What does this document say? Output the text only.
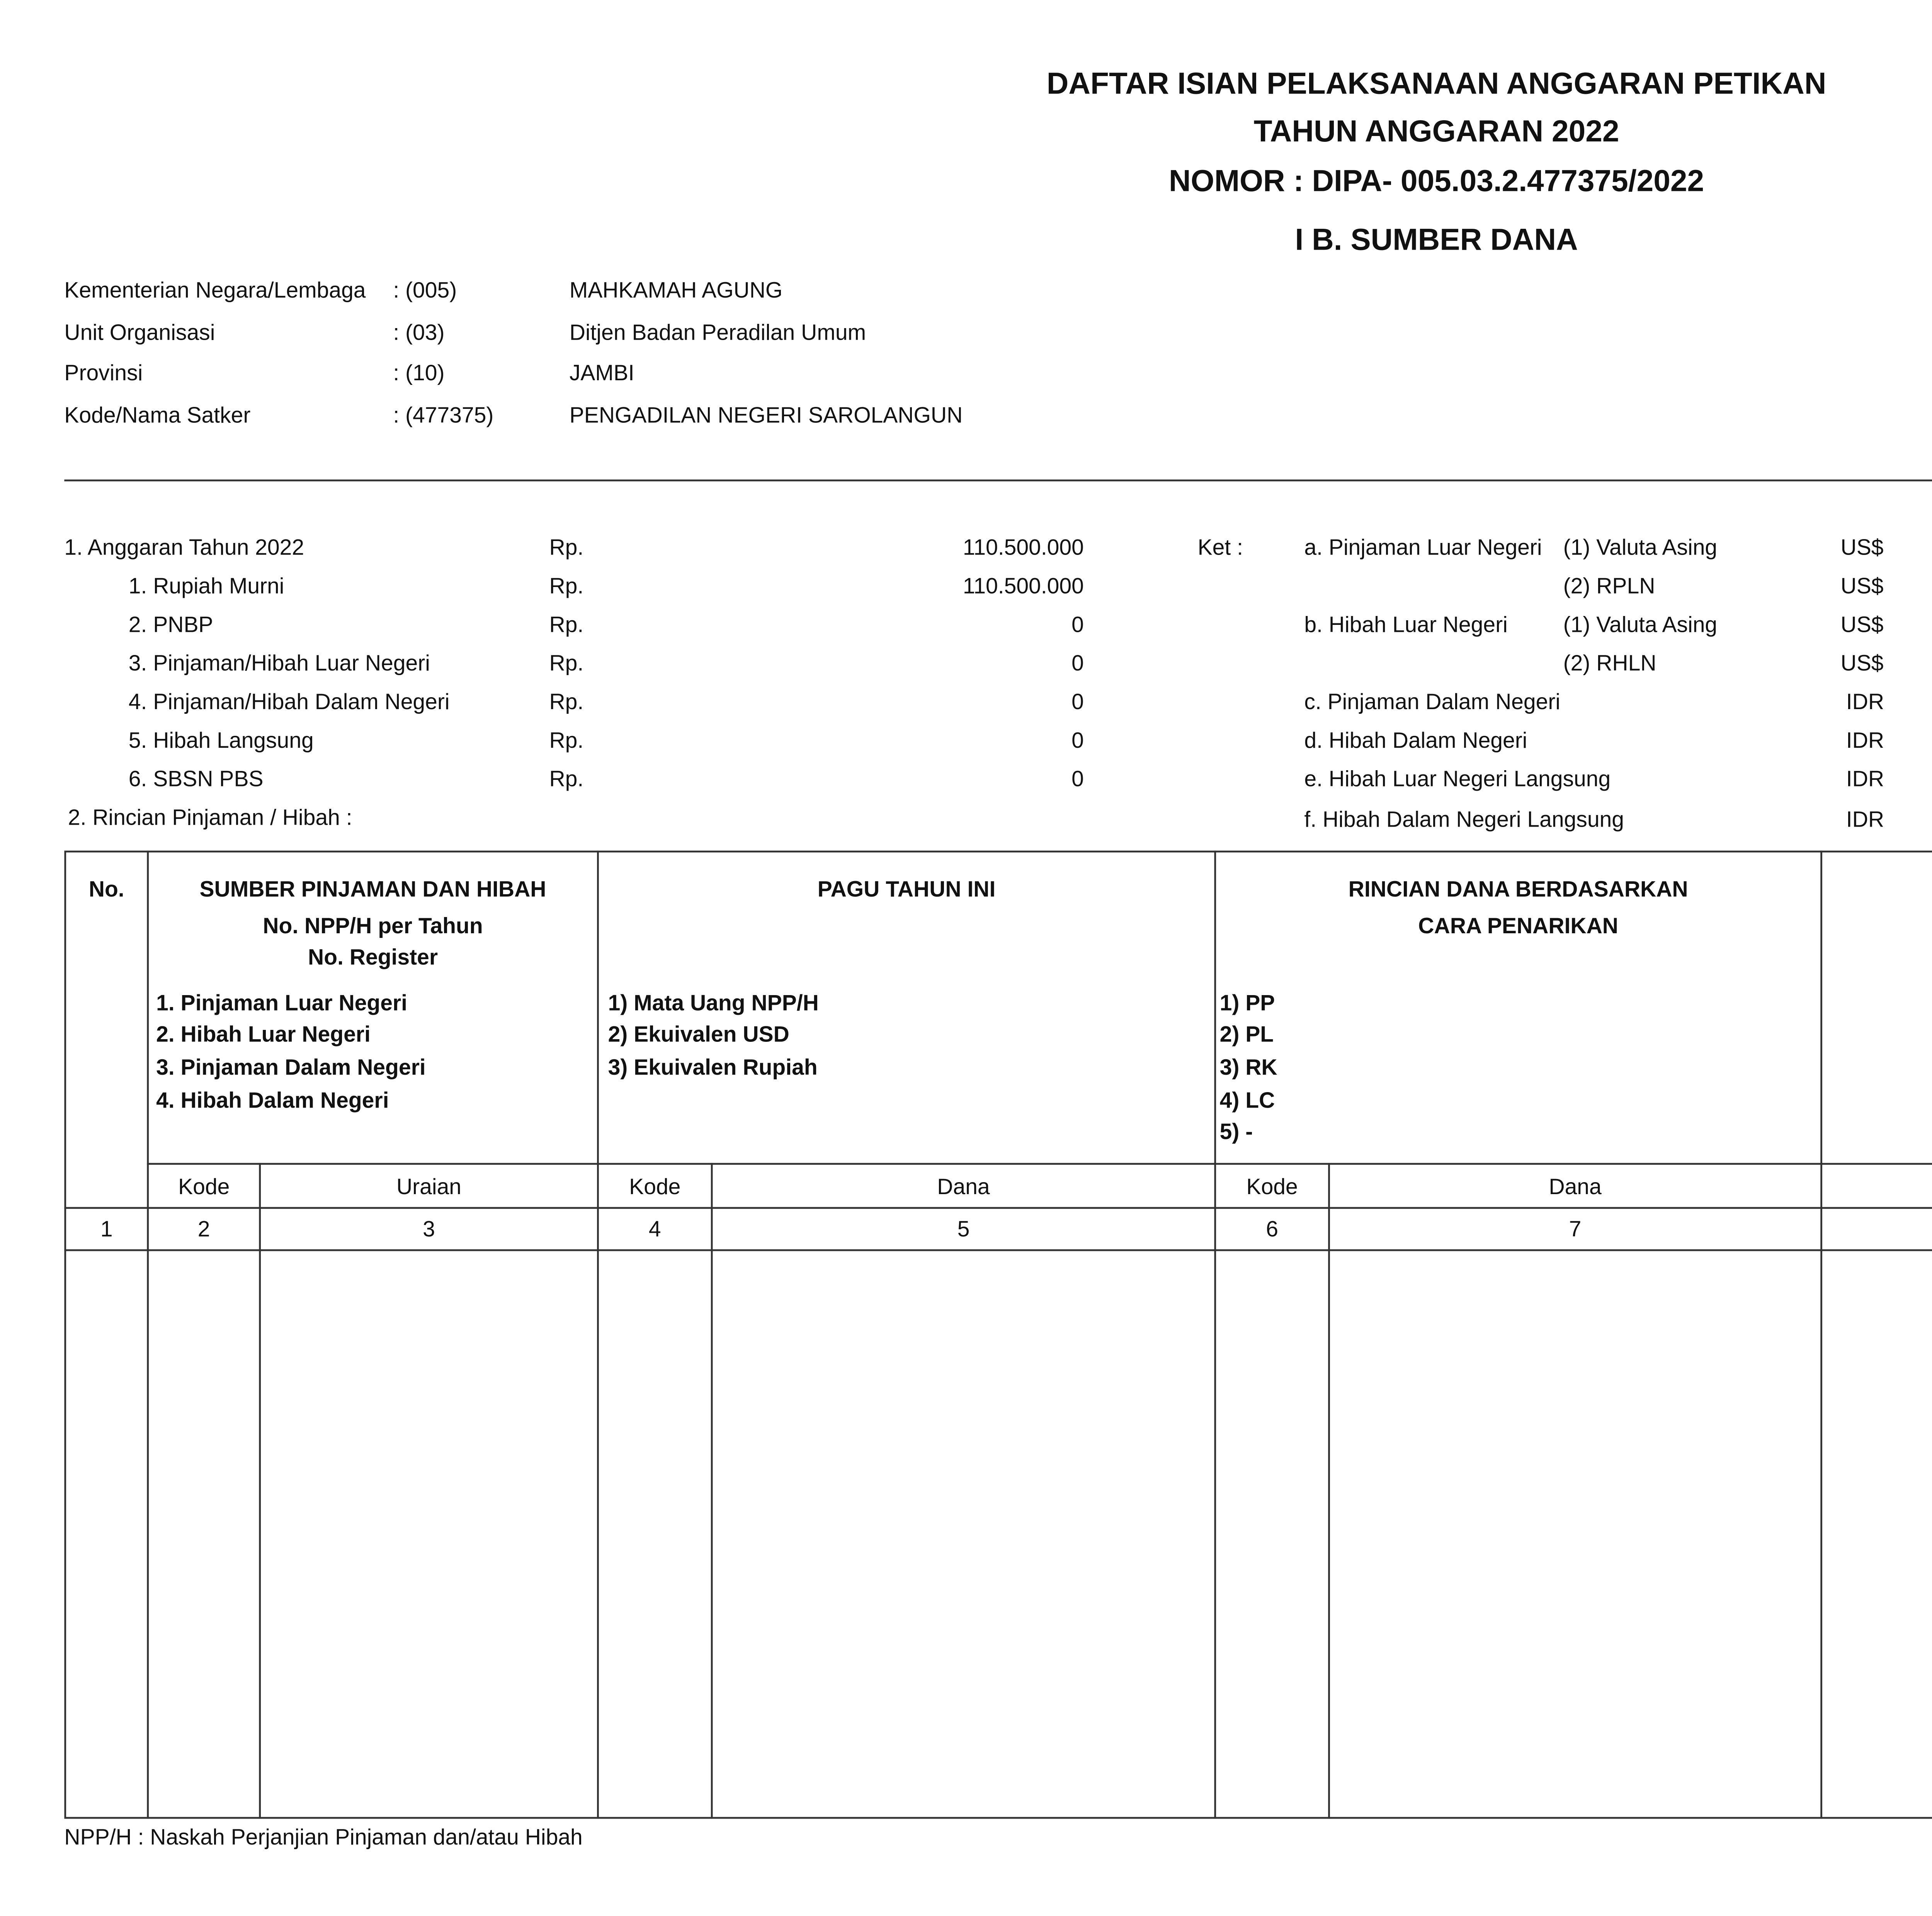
DAFTAR ISIAN PELAKSANAAN ANGGARAN PETIKAN
TAHUN ANGGARAN 2022
NOMOR : DIPA- 005.03.2.477375/2022
I B. SUMBER DANA
Kementerian Negara/Lembaga	: (005)	MAHKAMAH AGUNG
Unit Organisasi	: (03)	Ditjen Badan Peradilan Umum
Provinsi	: (10)	JAMBI
Kode/Nama Satker	: (477375)	PENGADILAN NEGERI SAROLANGUN
1. Anggaran Tahun 2022	Rp.	110.500.000
1. Rupiah Murni	Rp.	110.500.000
2. PNBP	Rp.	0
3. Pinjaman/Hibah Luar Negeri	Rp.	0
4. Pinjaman/Hibah Dalam Negeri	Rp.	0
5. Hibah Langsung	Rp.	0
6. SBSN PBS	Rp.	0
2. Rincian Pinjaman / Hibah :
Ket :	a. Pinjaman Luar Negeri	(1) Valuta Asing	US$
(2) RPLN	US$
b. Hibah Luar Negeri	(1) Valuta Asing	US$
(2) RHLN	US$
c. Pinjaman Dalam Negeri	IDR
d. Hibah Dalam Negeri	IDR
e. Hibah Luar Negeri Langsung	IDR
f. Hibah Dalam Negeri Langsung	IDR
No.	SUMBER PINJAMAN DAN HIBAH
No. NPP/H per Tahun
No. Register
1. Pinjaman Luar Negeri
2. Hibah Luar Negeri
3. Pinjaman Dalam Negeri
4. Hibah Dalam Negeri
PAGU TAHUN INI
1) Mata Uang NPP/H
2) Ekuivalen USD
3) Ekuivalen Rupiah
RINCIAN DANA BERDASARKAN
CARA PENARIKAN
1) PP
2) PL
3) RK
4) LC
5) -
Kode	Uraian	Kode	Dana	Kode	Dana
1	2	3	4	5	6	7
NPP/H : Naskah Perjanjian Pinjaman dan/atau Hibah
